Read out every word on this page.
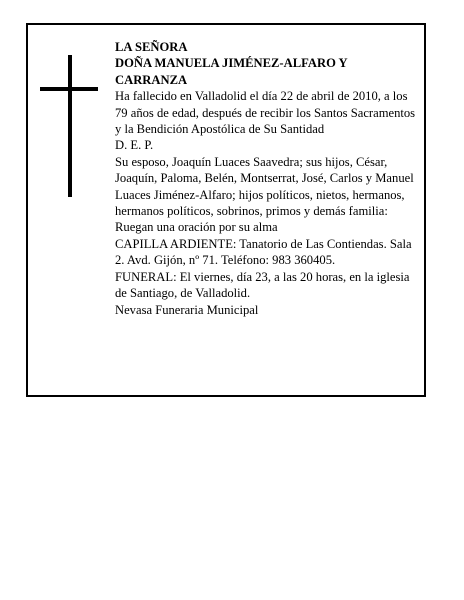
LA SEÑORA

DOÑA MANUELA JIMÉNEZ-ALFARO Y CARRANZA

Ha fallecido en Valladolid el día 22 de abril de 2010, a los 79 años de edad, después de recibir los Santos Sacramentos y la Bendición Apostólica de Su Santidad

D. E. P.

Su esposo, Joaquín Luaces Saavedra; sus hijos, César, Joaquín, Paloma, Belén, Montserrat, José, Carlos y Manuel Luaces Jiménez-Alfaro; hijos políticos, nietos, hermanos, hermanos políticos, sobrinos, primos y demás familia:

Ruegan una oración por su alma

CAPILLA ARDIENTE: Tanatorio de Las Contiendas. Sala 2. Avd. Gijón, nº 71. Teléfono: 983 360405.

FUNERAL: El viernes, día 23, a las 20 horas, en la iglesia de Santiago, de Valladolid.

Nevasa Funeraria Municipal
